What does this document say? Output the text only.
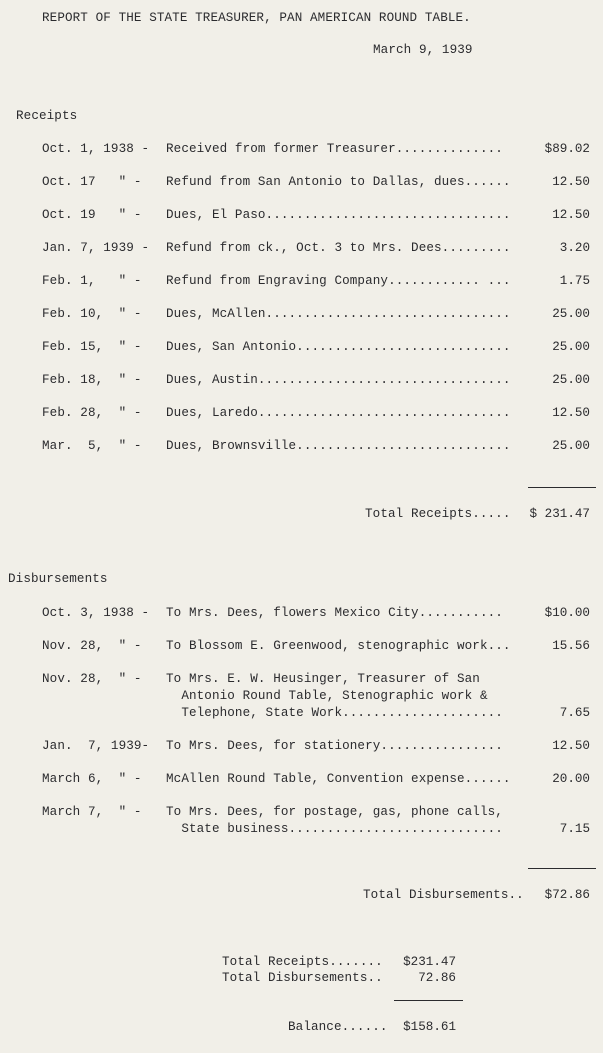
REPORT OF THE STATE TREASURER, PAN AMERICAN ROUND TABLE.
March 9, 1939
Receipts
Oct. 1, 1938 - Received from former Treasurer..............	$89.02
Oct. 17   " - Refund from San Antonio to Dallas, dues......	12.50
Oct. 19   " - Dues, El Paso................................	12.50
Jan. 7, 1939 - Refund from ck., Oct. 3 to Mrs. Dees.........	3.20
Feb. 1,   " - Refund from Engraving Company............ ...	1.75
Feb. 10,  " - Dues, McAllen................................	25.00
Feb. 15,  " - Dues, San Antonio............................	25.00
Feb. 18,  " - Dues, Austin.................................	25.00
Feb. 28,  " - Dues, Laredo.................................	12.50
Mar.  5,  " - Dues, Brownsville............................	25.00
Total Receipts..... $ 231.47
Disbursements
Oct. 3, 1938 - To Mrs. Dees, flowers Mexico City...........	$10.00
Nov. 28,  " - To Blossom E. Greenwood, stenographic work...	15.56
Nov. 28,  " - To Mrs. E. W. Heusinger, Treasurer of San
Antonio Round Table, Stenographic work &
Telephone, State Work.....................	7.65
Jan.  7, 1939- To Mrs. Dees, for stationery................	12.50
March 6,  " - McAllen Round Table, Convention expense......	20.00
March 7,  " - To Mrs. Dees, for postage, gas, phone calls,
State business............................	7.15
Total Disbursements.. $72.86
Total Receipts....... $231.47
Total Disbursements..	72.86
Balance...... $158.61
